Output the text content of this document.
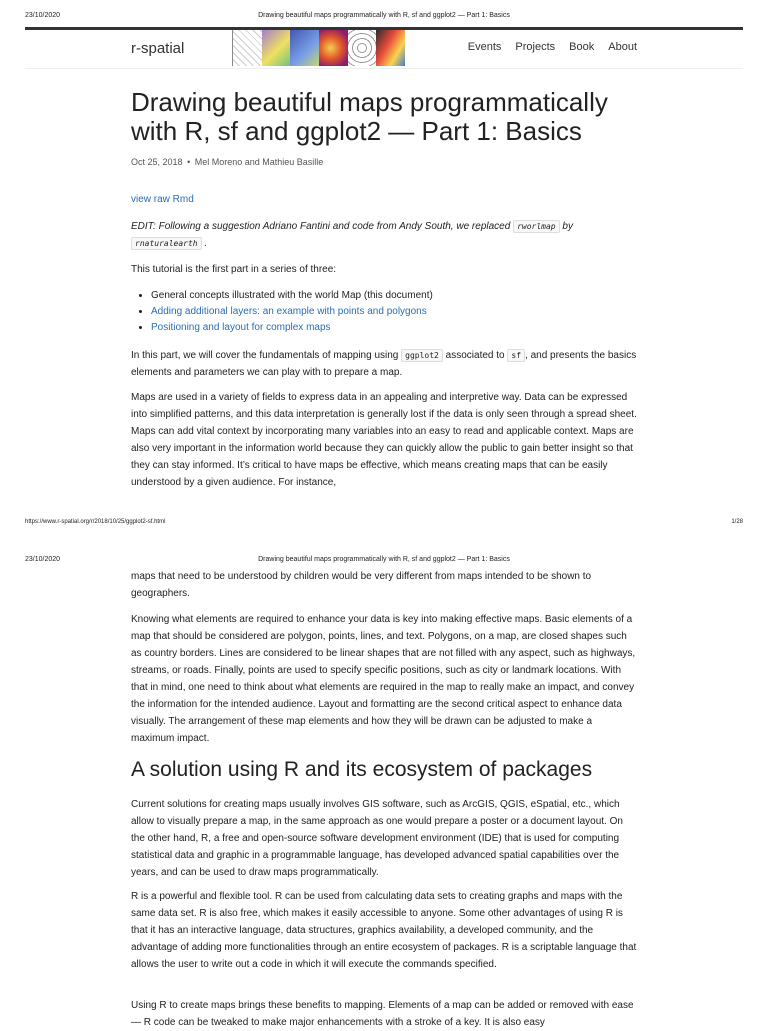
23/10/2020	Drawing beautiful maps programmatically with R, sf and ggplot2 — Part 1: Basics
r-spatial	Events Projects Book About
Drawing beautiful maps programmatically with R, sf and ggplot2 — Part 1: Basics
Oct 25, 2018 • Mel Moreno and Mathieu Basille

view raw Rmd

EDIT: Following a suggestion Adriano Fantini and code from Andy South, we replaced rworlmap by rnaturalearth .

This tutorial is the first part in a series of three:

• General concepts illustrated with the world Map (this document)
• Adding additional layers: an example with points and polygons
• Positioning and layout for complex maps

In this part, we will cover the fundamentals of mapping using ggplot2 associated to sf , and presents the basics elements and parameters we can play with to prepare a map.

Maps are used in a variety of fields to express data in an appealing and interpretive way. Data can be expressed into simplified patterns, and this data interpretation is generally lost if the data is only seen through a spread sheet. Maps can add vital context by incorporating many variables into an easy to read and applicable context. Maps are also very important in the information world because they can quickly allow the public to gain better insight so that they can stay informed. It’s critical to have maps be effective, which means creating maps that can be easily understood by a given audience. For instance,

https://www.r-spatial.org/r/2018/10/25/ggplot2-sf.html	1/28
23/10/2020	Drawing beautiful maps programmatically with R, sf and ggplot2 — Part 1: Basics

maps that need to be understood by children would be very different from maps intended to be shown to geographers.

Knowing what elements are required to enhance your data is key into making effective maps. Basic elements of a map that should be considered are polygon, points, lines, and text. Polygons, on a map, are closed shapes such as country borders. Lines are considered to be linear shapes that are not filled with any aspect, such as highways, streams, or roads. Finally, points are used to specify specific positions, such as city or landmark locations. With that in mind, one need to think about what elements are required in the map to really make an impact, and convey the information for the intended audience. Layout and formatting are the second critical aspect to enhance data visually. The arrangement of these map elements and how they will be drawn can be adjusted to make a maximum impact.

A solution using R and its ecosystem of packages

Current solutions for creating maps usually involves GIS software, such as ArcGIS, QGIS, eSpatial, etc., which allow to visually prepare a map, in the same approach as one would prepare a poster or a document layout. On the other hand, R, a free and open-source software development environment (IDE) that is used for computing statistical data and graphic in a programmable language, has developed advanced spatial capabilities over the years, and can be used to draw maps programmatically.

R is a powerful and flexible tool. R can be used from calculating data sets to creating graphs and maps with the same data set. R is also free, which makes it easily accessible to anyone. Some other advantages of using R is that it has an interactive language, data structures, graphics availability, a developed community, and the advantage of adding more functionalities through an entire ecosystem of packages. R is a scriptable language that allows the user to write out a code in which it will execute the commands specified.

Using R to create maps brings these benefits to mapping. Elements of a map can be added or removed with ease — R code can be tweaked to make major enhancements with a stroke of a key. It is also easy
